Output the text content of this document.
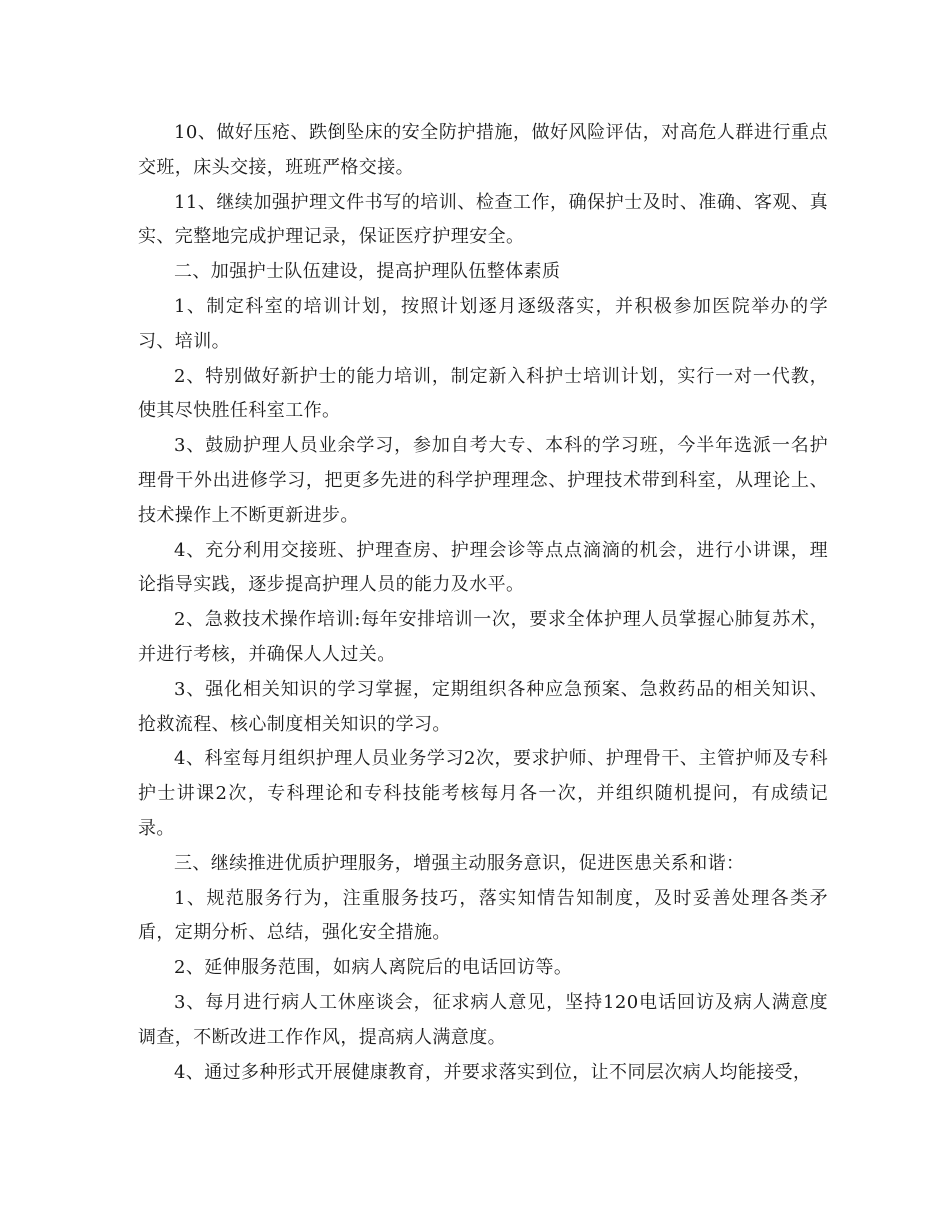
10、做好压疮、跌倒坠床的安全防护措施，做好风险评估，对高危人群进行重点交班，床头交接，班班严格交接。

11、继续加强护理文件书写的培训、检查工作，确保护士及时、准确、客观、真实、完整地完成护理记录，保证医疗护理安全。

二、加强护士队伍建设，提高护理队伍整体素质

1、制定科室的培训计划，按照计划逐月逐级落实，并积极参加医院举办的学习、培训。

2、特别做好新护士的能力培训，制定新入科护士培训计划，实行一对一代教，使其尽快胜任科室工作。

3、鼓励护理人员业余学习，参加自考大专、本科的学习班，今半年选派一名护理骨干外出进修学习，把更多先进的科学护理理念、护理技术带到科室，从理论上、技术操作上不断更新进步。

4、充分利用交接班、护理查房、护理会诊等点点滴滴的机会，进行小讲课，理论指导实践，逐步提高护理人员的能力及水平。

2、急救技术操作培训:每年安排培训一次，要求全体护理人员掌握心肺复苏术，并进行考核，并确保人人过关。

3、强化相关知识的学习掌握，定期组织各种应急预案、急救药品的相关知识、抢救流程、核心制度相关知识的学习。

4、科室每月组织护理人员业务学习2次，要求护师、护理骨干、主管护师及专科护士讲课2次，专科理论和专科技能考核每月各一次，并组织随机提问，有成绩记录。

三、继续推进优质护理服务，增强主动服务意识，促进医患关系和谐：

1、规范服务行为，注重服务技巧，落实知情告知制度，及时妥善处理各类矛盾，定期分析、总结，强化安全措施。

2、延伸服务范围，如病人离院后的电话回访等。

3、每月进行病人工休座谈会，征求病人意见，坚持120电话回访及病人满意度调查，不断改进工作作风，提高病人满意度。

4、通过多种形式开展健康教育，并要求落实到位，让不同层次病人均能接受，
